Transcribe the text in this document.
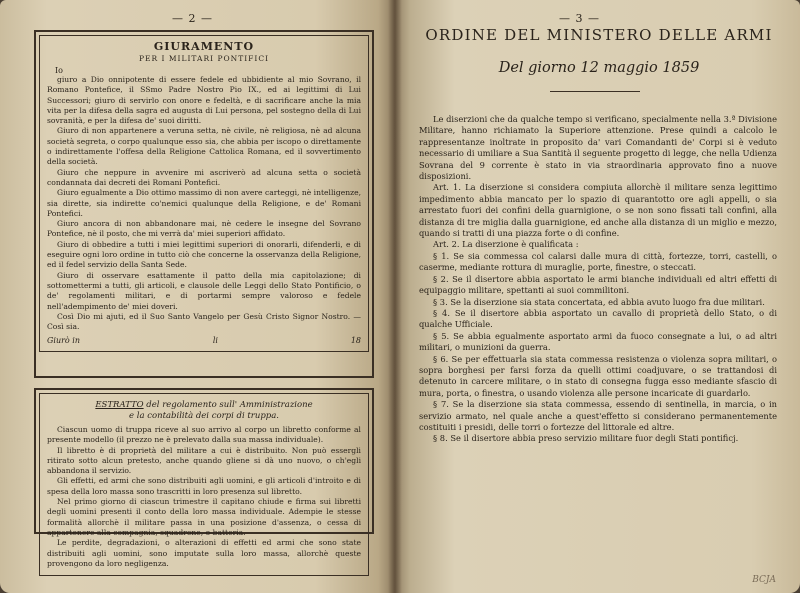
— 2 —

GIURAMENTO

PER I MILITARI PONTIFICI

Io

giuro a Dio onnipotente di essere fedele ed ubbidiente al mio Sovrano, il Romano Pontefice, il SSmo Padre Nostro Pio IX., ed ai legittimi di Lui Successori; giuro di servirlo con onore e fedeltà, e di sacrificare anche la mia vita per la difesa della sagra ed augusta di Lui persona, pel sostegno della di Lui sovranità, e per la difesa de' suoi diritti.

Giuro di non appartenere a veruna setta, nè civile, nè religiosa, nè ad alcuna società segreta, o corpo qualunque esso sia, che abbia per iscopo o direttamente o indirettamente l'offesa della Religione Cattolica Romana, ed il sovvertimento della società.

Giuro che neppure in avvenire mi ascriverò ad alcuna setta o società condannata dai decreti dei Romani Pontefici.

Giuro egualmente a Dio ottimo massimo di non avere carteggi, nè intelligenze, sia dirette, sia indirette co'nemici qualunque della Religione, e de' Romani Pontefici.

Giuro ancora di non abbandonare mai, nè cedere le insegne del Sovrano Pontefice, nè il posto, che mi verrà da' miei superiori affidato.

Giuro di obbedire a tutti i miei legittimi superiori di onorarli, difenderli, e di eseguire ogni loro ordine in tutto ciò che concerne la osservanza della Religione, ed il fedel servizio della Santa Sede.

Giuro di osservare esattamente il patto della mia capitolazione; di sottomettermi a tutti, gli articoli, e clausole delle Leggi dello Stato Pontificio, o de' regolamenti militari, e di portarmi sempre valoroso e fedele nell'adempimento de' miei doveri.

Così Dio mi ajuti, ed il Suo Santo Vangelo per Gesù Cristo Signor Nostro. — Così sia.

Giurò in	li	18
ESTRATTO del regolamento sull' Amministrazione
e la contabilità dei corpi di truppa.

Ciascun uomo di truppa riceve al suo arrivo al corpo un libretto conforme al presente modello (il prezzo ne è prelevato dalla sua massa individuale).

Il libretto è di proprietà del militare a cui è distribuito. Non può essergli ritirato sotto alcun pretesto, anche quando gliene si dà uno nuovo, o ch'egli abbandona il servizio.

Gli effetti, ed armi che sono distribuiti agli uomini, e gli articoli d'introito e di spesa della loro massa sono trascritti in loro presenza sul libretto.

Nel primo giorno di ciascun trimestre il capitano chiude e firma sui libretti degli uomini presenti il conto della loro massa individuale. Adempie le stesse formalità allorchè il militare passa in una posizione d'assenza, o cessa di appartenere alla compagnia, squadrone, o batteria.

Le perdite, degradazioni, o alterazioni di effetti ed armi che sono state distribuiti agli uomini, sono imputate sulla loro massa, allorchè queste provengono da loro negligenza.

— 3 —
ORDINE DEL MINISTERO DELLE ARMI
Del giorno 12 maggio 1859

Le diserzioni che da qualche tempo si verificano, specialmente nella 3.ª Divisione Militare, hanno richiamato la Superiore attenzione. Prese quindi a calcolo le rappresentanze inoltrate in proposito da' vari Comandanti de' Corpi si è veduto necessario di umiliare a Sua Santità il seguente progetto di legge, che nella Udienza Sovrana del 9 corrente è stato in via straordinaria approvato fino a nuove disposizioni.

Art. 1. La diserzione si considera compiuta allorchè il militare senza legittimo impedimento abbia mancato per lo spazio di quarantotto ore agli appelli, o sia arrestato fuori dei confini della guarnigione, o se non sono fissati tali confini, alla distanza di tre miglia dalla guarnigione, ed anche alla distanza di un miglio e mezzo, quando si tratti di una piazza forte o di confine.

Art. 2. La diserzione è qualificata :

§ 1. Se sia commessa col calarsi dalle mura di città, fortezze, torri, castelli, o caserme, mediante rottura di muraglie, porte, finestre, o steccati.

§ 2. Se il disertore abbia asportato le armi bianche individuali ed altri effetti di equipaggio militare, spettanti ai suoi commilitoni.

§ 3. Se la diserzione sia stata concertata, ed abbia avuto luogo fra due militari.

§ 4. Se il disertore abbia asportato un cavallo di proprietà dello Stato, o di qualche Ufficiale.

§ 5. Se abbia egualmente asportato armi da fuoco consegnate a lui, o ad altri militari, o munizioni da guerra.

§ 6. Se per effettuarla sia stata commessa resistenza o violenza sopra militari, o sopra borghesi per farsi forza da quelli ottimi coadjuvare, o se trattandosi di detenuto in carcere militare, o in stato di consegna fugga esso mediante sfascio di mura, porta, o finestra, o usando violenza alle persone incaricate di guardarlo.

§ 7. Se la diserzione sia stata commessa, essendo di sentinella, in marcia, o in servizio armato, nel quale anche a quest'effetto si considerano permanentemente costituiti i presidi, delle torri o fortezze del littorale ed altre.

§ 8. Se il disertore abbia preso servizio militare fuor degli Stati pontificj.

BCJA
